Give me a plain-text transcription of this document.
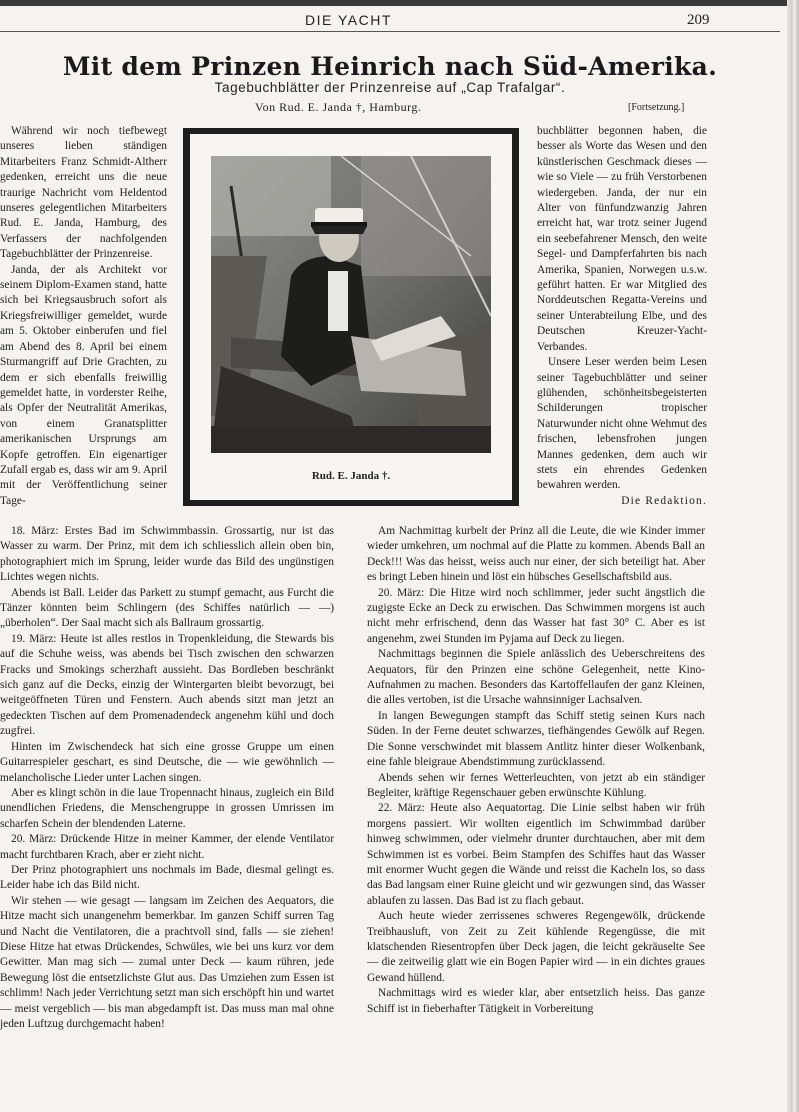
DIE YACHT	209
Mit dem Prinzen Heinrich nach Süd-Amerika.
Tagebuchblätter der Prinzenreise auf „Cap Trafalgar“.
Von Rud. E. Janda †, Hamburg.	[Fortsetzung.]

Während wir noch tiefbewegt unseres lieben ständigen Mitarbeiters Franz Schmidt-Altherr gedenken, erreicht uns die neue traurige Nachricht vom Heldentod unseres gelegentlichen Mitarbeiters Rud. E. Janda, Hamburg, des Verfassers der nachfolgenden Tagebuchblätter der Prinzenreise.

Janda, der als Architekt vor seinem Diplom-Examen stand, hatte sich bei Kriegsausbruch sofort als Kriegsfreiwilliger gemeldet, wurde am 5. Oktober einberufen und fiel am Abend des 8. April bei einem Sturmangriff auf Drie Grachten, zu dem er sich ebenfalls freiwillig gemeldet hatte, in vorderster Reihe, als Opfer der Neutralität Amerikas, von einem Granatsplitter amerikanischen Ursprungs am Kopfe getroffen. Ein eigenartiger Zufall ergab es, dass wir am 9. April mit der Veröffentlichung seiner Tage-

Rud. E. Janda †.

buchblätter begonnen haben, die besser als Worte das Wesen und den künstlerischen Geschmack dieses — wie so Viele — zu früh Verstorbenen wiedergeben. Janda, der nur ein Alter von fünfundzwanzig Jahren erreicht hat, war trotz seiner Jugend ein seebefahrener Mensch, den weite Segel- und Dampferfahrten bis nach Amerika, Spanien, Norwegen u.s.w. geführt hatten. Er war Mitglied des Norddeutschen Regatta-Vereins und seiner Unterabteilung Elbe, und des Deutschen Kreuzer-Yacht-Verbandes.

Unsere Leser werden beim Lesen seiner Tagebuchblätter und seiner glühenden, schönheitsbegeisterten Schilderungen tropischer Naturwunder nicht ohne Wehmut des frischen, lebensfrohen jungen Mannes gedenken, dem auch wir stets ein ehrendes Gedenken bewahren werden.

Die Redaktion.

18. März: Erstes Bad im Schwimmbassin. Grossartig, nur ist das Wasser zu warm. Der Prinz, mit dem ich schliesslich allein oben bin, photographiert mich im Sprung, leider wurde das Bild des ungünstigen Lichtes wegen nichts.

Abends ist Ball. Leider das Parkett zu stumpf gemacht, aus Furcht die Tänzer könnten beim Schlingern (des Schiffes natürlich — —) „überholen“. Der Saal macht sich als Ballraum grossartig.

19. März: Heute ist alles restlos in Tropenkleidung, die Stewards bis auf die Schuhe weiss, was abends bei Tisch zwischen den schwarzen Fracks und Smokings scherzhaft aussieht. Das Bordleben beschränkt sich ganz auf die Decks, einzig der Wintergarten bleibt bevorzugt, bei weitgeöffneten Türen und Fenstern. Auch abends sitzt man jetzt an gedeckten Tischen auf dem Promenadendeck angenehm kühl und doch zugfrei.

Hinten im Zwischendeck hat sich eine grosse Gruppe um einen Guitarrespieler geschart, es sind Deutsche, die — wie gewöhnlich — melancholische Lieder unter Lachen singen.

Aber es klingt schön in die laue Tropennacht hinaus, zugleich ein Bild unendlichen Friedens, die Menschengruppe in grossen Umrissen im scharfen Schein der blendenden Laterne.

20. März: Drückende Hitze in meiner Kammer, der elende Ventilator macht furchtbaren Krach, aber er zieht nicht.

Der Prinz photographiert uns nochmals im Bade, diesmal gelingt es. Leider habe ich das Bild nicht.

Wir stehen — wie gesagt — langsam im Zeichen des Aequators, die Hitze macht sich unangenehm bemerkbar. Im ganzen Schiff surren Tag und Nacht die Ventilatoren, die a prachtvoll sind, falls — sie ziehen! Diese Hitze hat etwas Drückendes, Schwüles, wie bei uns kurz vor dem Gewitter. Man mag sich — zumal unter Deck — kaum rühren, jede Bewegung löst die entsetzlichste Glut aus. Das Umziehen zum Essen ist schlimm! Nach jeder Verrichtung setzt man sich erschöpft hin und wartet — meist vergeblich — bis man abgedampft ist. Das muss man mal ohne jeden Luftzug durchgemacht haben!

Am Nachmittag kurbelt der Prinz all die Leute, die wie Kinder immer wieder umkehren, um nochmal auf die Platte zu kommen. Abends Ball an Deck!!! Was das heisst, weiss auch nur einer, der sich beteiligt hat. Aber es bringt Leben hinein und löst ein hübsches Gesellschaftsbild aus.

20. März: Die Hitze wird noch schlimmer, jeder sucht ängstlich die zugigste Ecke an Deck zu erwischen. Das Schwimmen morgens ist auch nicht mehr erfrischend, denn das Wasser hat fast 30° C. Aber es ist angenehm, zwei Stunden im Pyjama auf Deck zu liegen.

Nachmittags beginnen die Spiele anlässlich des Ueberschreitens des Aequators, für den Prinzen eine schöne Gelegenheit, nette Kino-Aufnahmen zu machen. Besonders das Kartoffellaufen der ganz Kleinen, die alles vertoben, ist die Ursache wahnsinniger Lachsalven.

In langen Bewegungen stampft das Schiff stetig seinen Kurs nach Süden. In der Ferne deutet schwarzes, tiefhängendes Gewölk auf Regen. Die Sonne verschwindet mit blassem Antlitz hinter dieser Wolkenbank, eine fahle bleigraue Abendstimmung zurücklassend.

Abends sehen wir fernes Wetterleuchten, von jetzt ab ein ständiger Begleiter, kräftige Regenschauer geben erwünschte Kühlung.

22. März: Heute also Aequatortag. Die Linie selbst haben wir früh morgens passiert. Wir wollten eigentlich im Schwimmbad darüber hinweg schwimmen, oder vielmehr drunter durchtauchen, aber mit dem Schwimmen ist es vorbei. Beim Stampfen des Schiffes haut das Wasser mit enormer Wucht gegen die Wände und reisst die Kacheln los, so dass das Bad langsam einer Ruine gleicht und wir gezwungen sind, das Wasser ablaufen zu lassen. Das Bad ist zu flach gebaut.

Auch heute wieder zerrissenes schweres Regengewölk, drückende Treibhausluft, von Zeit zu Zeit kühlende Regengüsse, die mit klatschenden Riesentropfen über Deck jagen, die leicht gekräuselte See — die zeitweilig glatt wie ein Bogen Papier wird — in ein dichtes graues Gewand hüllend.

Nachmittags wird es wieder klar, aber entsetzlich heiss. Das ganze Schiff ist in fieberhafter Tätigkeit in Vorbereitung
